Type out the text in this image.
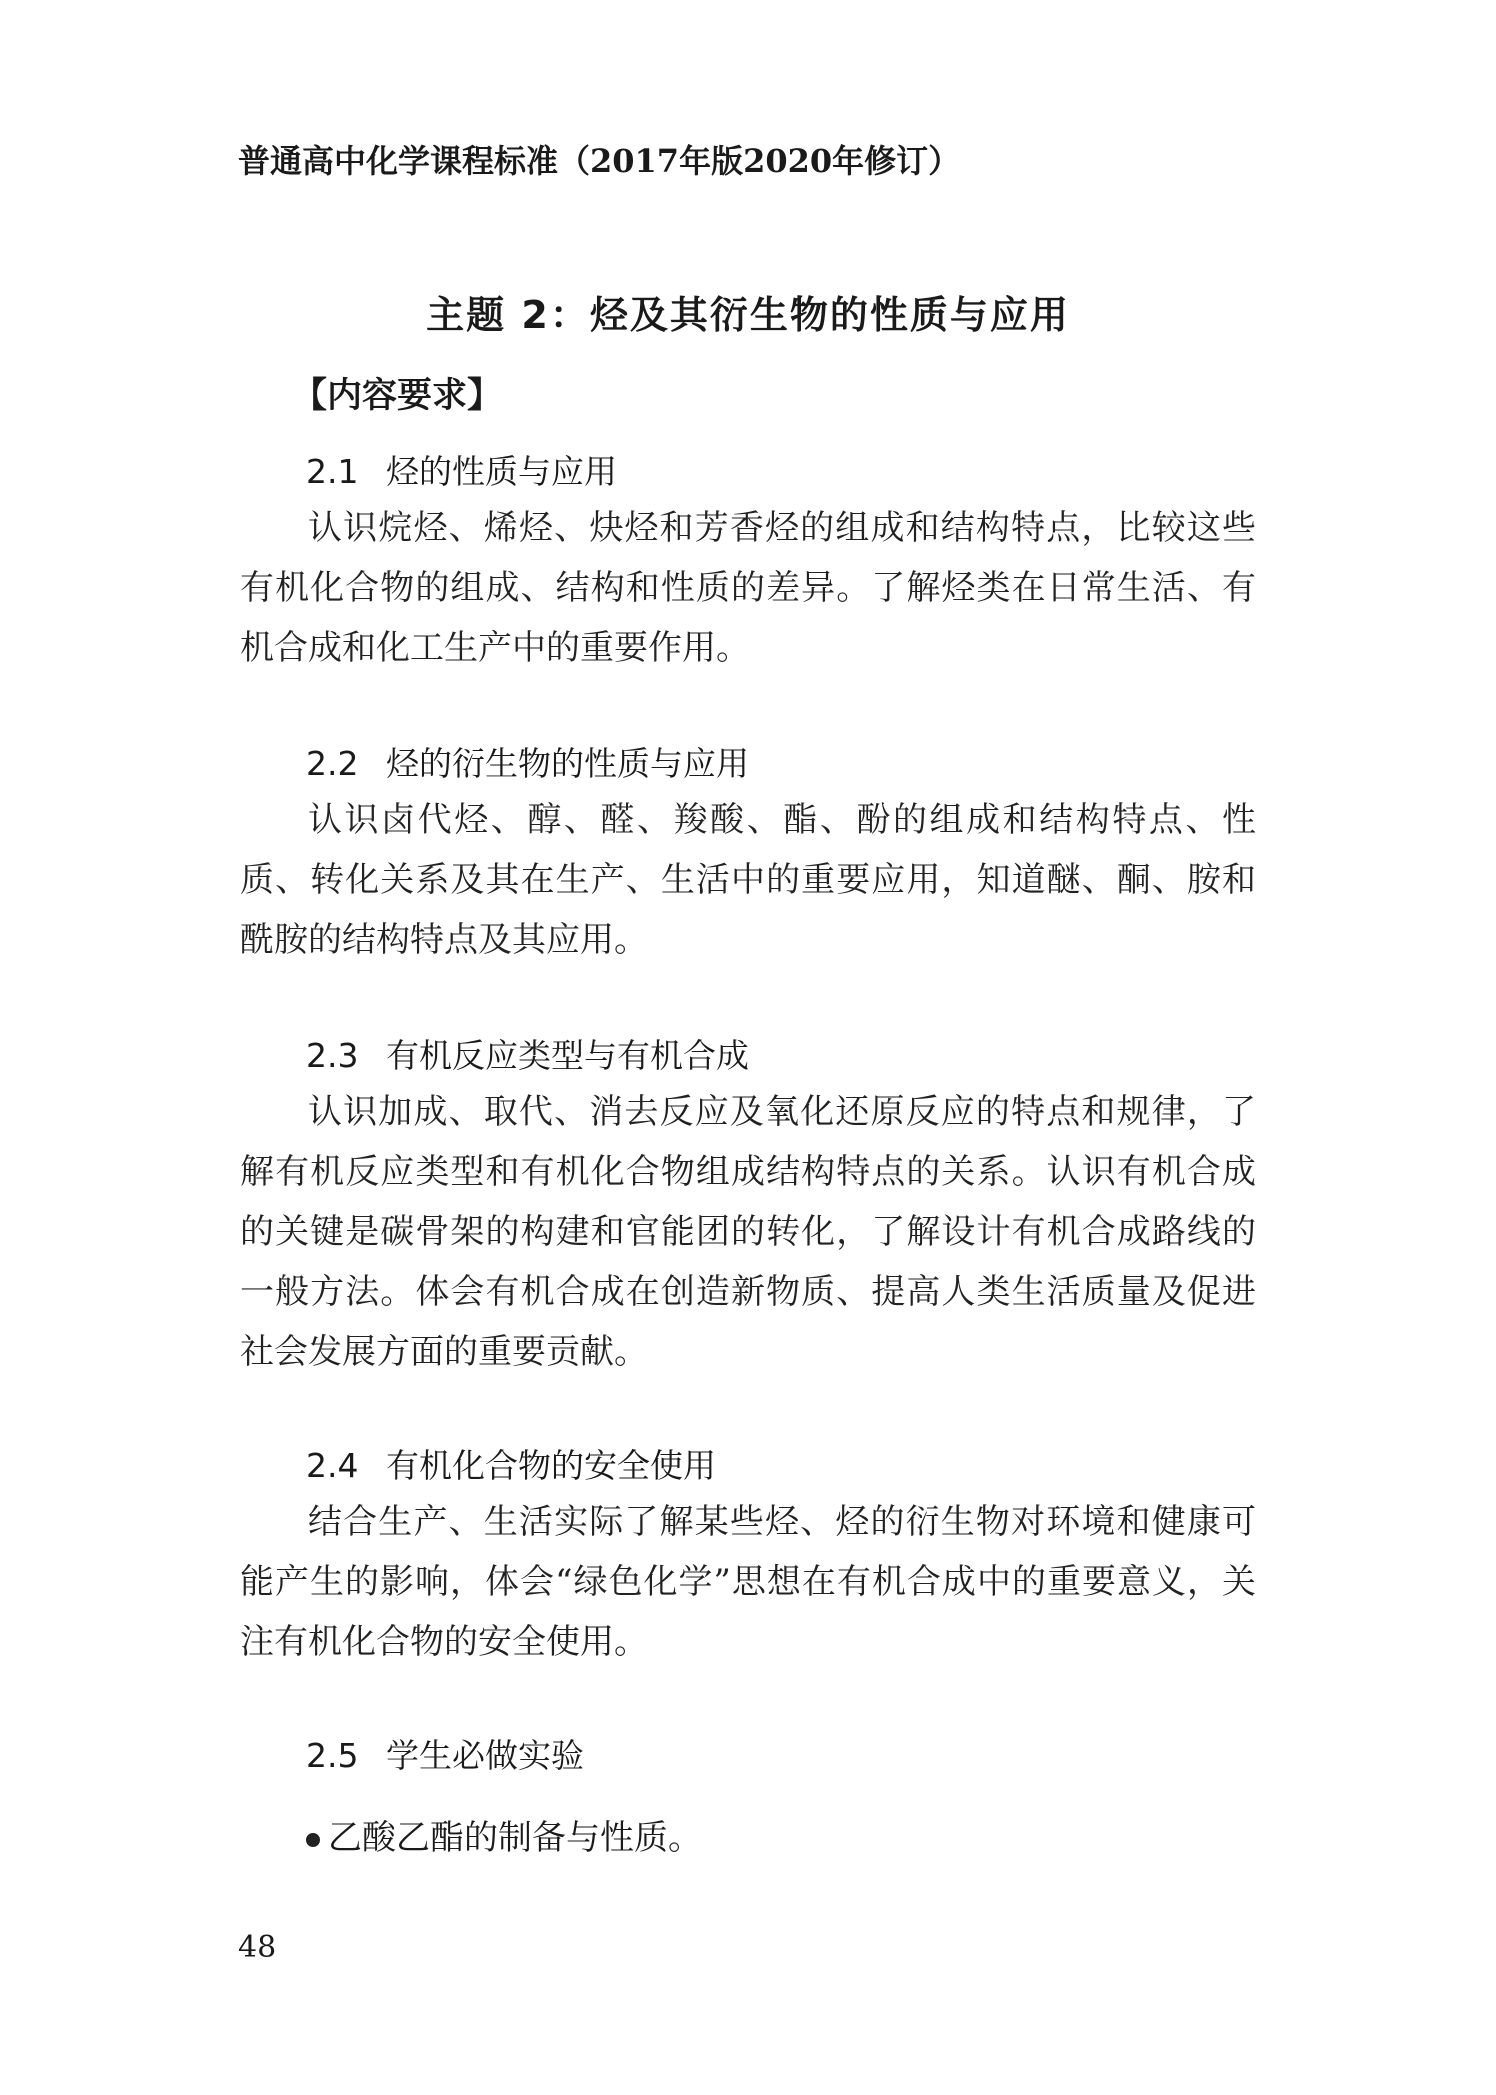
普通高中化学课程标准（2017年版2020年修订）
主题 2：烃及其衍生物的性质与应用
【内容要求】
2.1 烃的性质与应用
认识烷烃、烯烃、炔烃和芳香烃的组成和结构特点，比较这些有机化合物的组成、结构和性质的差异。了解烃类在日常生活、有机合成和化工生产中的重要作用。
2.2 烃的衍生物的性质与应用
认识卤代烃、醇、醛、羧酸、酯、酚的组成和结构特点、性质、转化关系及其在生产、生活中的重要应用，知道醚、酮、胺和酰胺的结构特点及其应用。
2.3 有机反应类型与有机合成
认识加成、取代、消去反应及氧化还原反应的特点和规律，了解有机反应类型和有机化合物组成结构特点的关系。认识有机合成的关键是碳骨架的构建和官能团的转化，了解设计有机合成路线的一般方法。体会有机合成在创造新物质、提高人类生活质量及促进社会发展方面的重要贡献。
2.4 有机化合物的安全使用
结合生产、生活实际了解某些烃、烃的衍生物对环境和健康可能产生的影响，体会“绿色化学”思想在有机合成中的重要意义，关注有机化合物的安全使用。
2.5 学生必做实验
乙酸乙酯的制备与性质。
48
